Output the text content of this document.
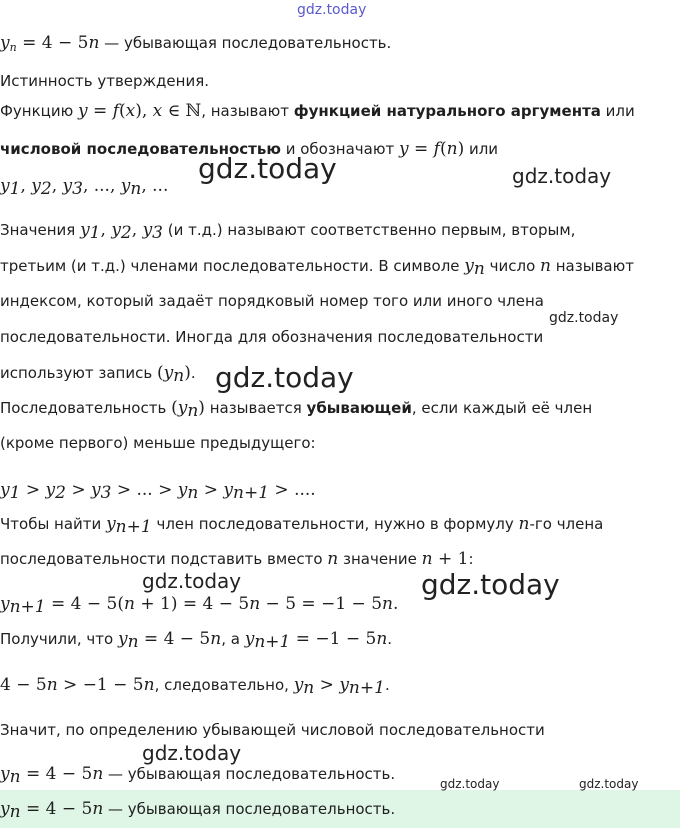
gdz.today
gdz.today	gdz.today
gdz.today
gdz.today
gdz.today	gdz.today
gdz.today
gdz.today	gdz.today
$y_n = 4 - 5n$ — убывающая последовательность.
Истинность утверждения.
Функцию y = f(x), x ∈ ℕ, называют функцией натурального аргумента или
числовой последовательностью и обозначают y = f(n) или
$y_1$, $y_2$, $y_3$, ..., $y_n$, ...
Значения $y_1$, $y_2$, $y_3$ (и т.д.) называют соответственно первым, вторым,
третьим (и т.д.) членами последовательности. В символе $y_n$ число n называют
индексом, который задаёт порядковый номер того или иного члена
последовательности. Иногда для обозначения последовательности
используют запись $(y_n)$.
Последовательность $(y_n)$ называется убывающей, если каждый её член
(кроме первого) меньше предыдущего:
$y_1 > y_2 > y_3$ > ... > $y_n > y_{n+1}$ > ....
Чтобы найти $y_{n+1}$ член последовательности, нужно в формулу n-го члена
последовательности подставить вместо n значение n + 1:
$y_{n+1} = 4 - 5(n + 1) = 4 - 5n - 5 = -1 - 5n$.
Получили, что $y_n = 4 - 5n$, а $y_{n+1} = -1 - 5n$.
4 − 5n > −1 − 5n, следовательно, $y_n > y_{n+1}$.
Значит, по определению убывающей числовой последовательности
$y_n = 4 - 5n$ — убывающая последовательность.
$y_n = 4 - 5n$ — убывающая последовательность.
